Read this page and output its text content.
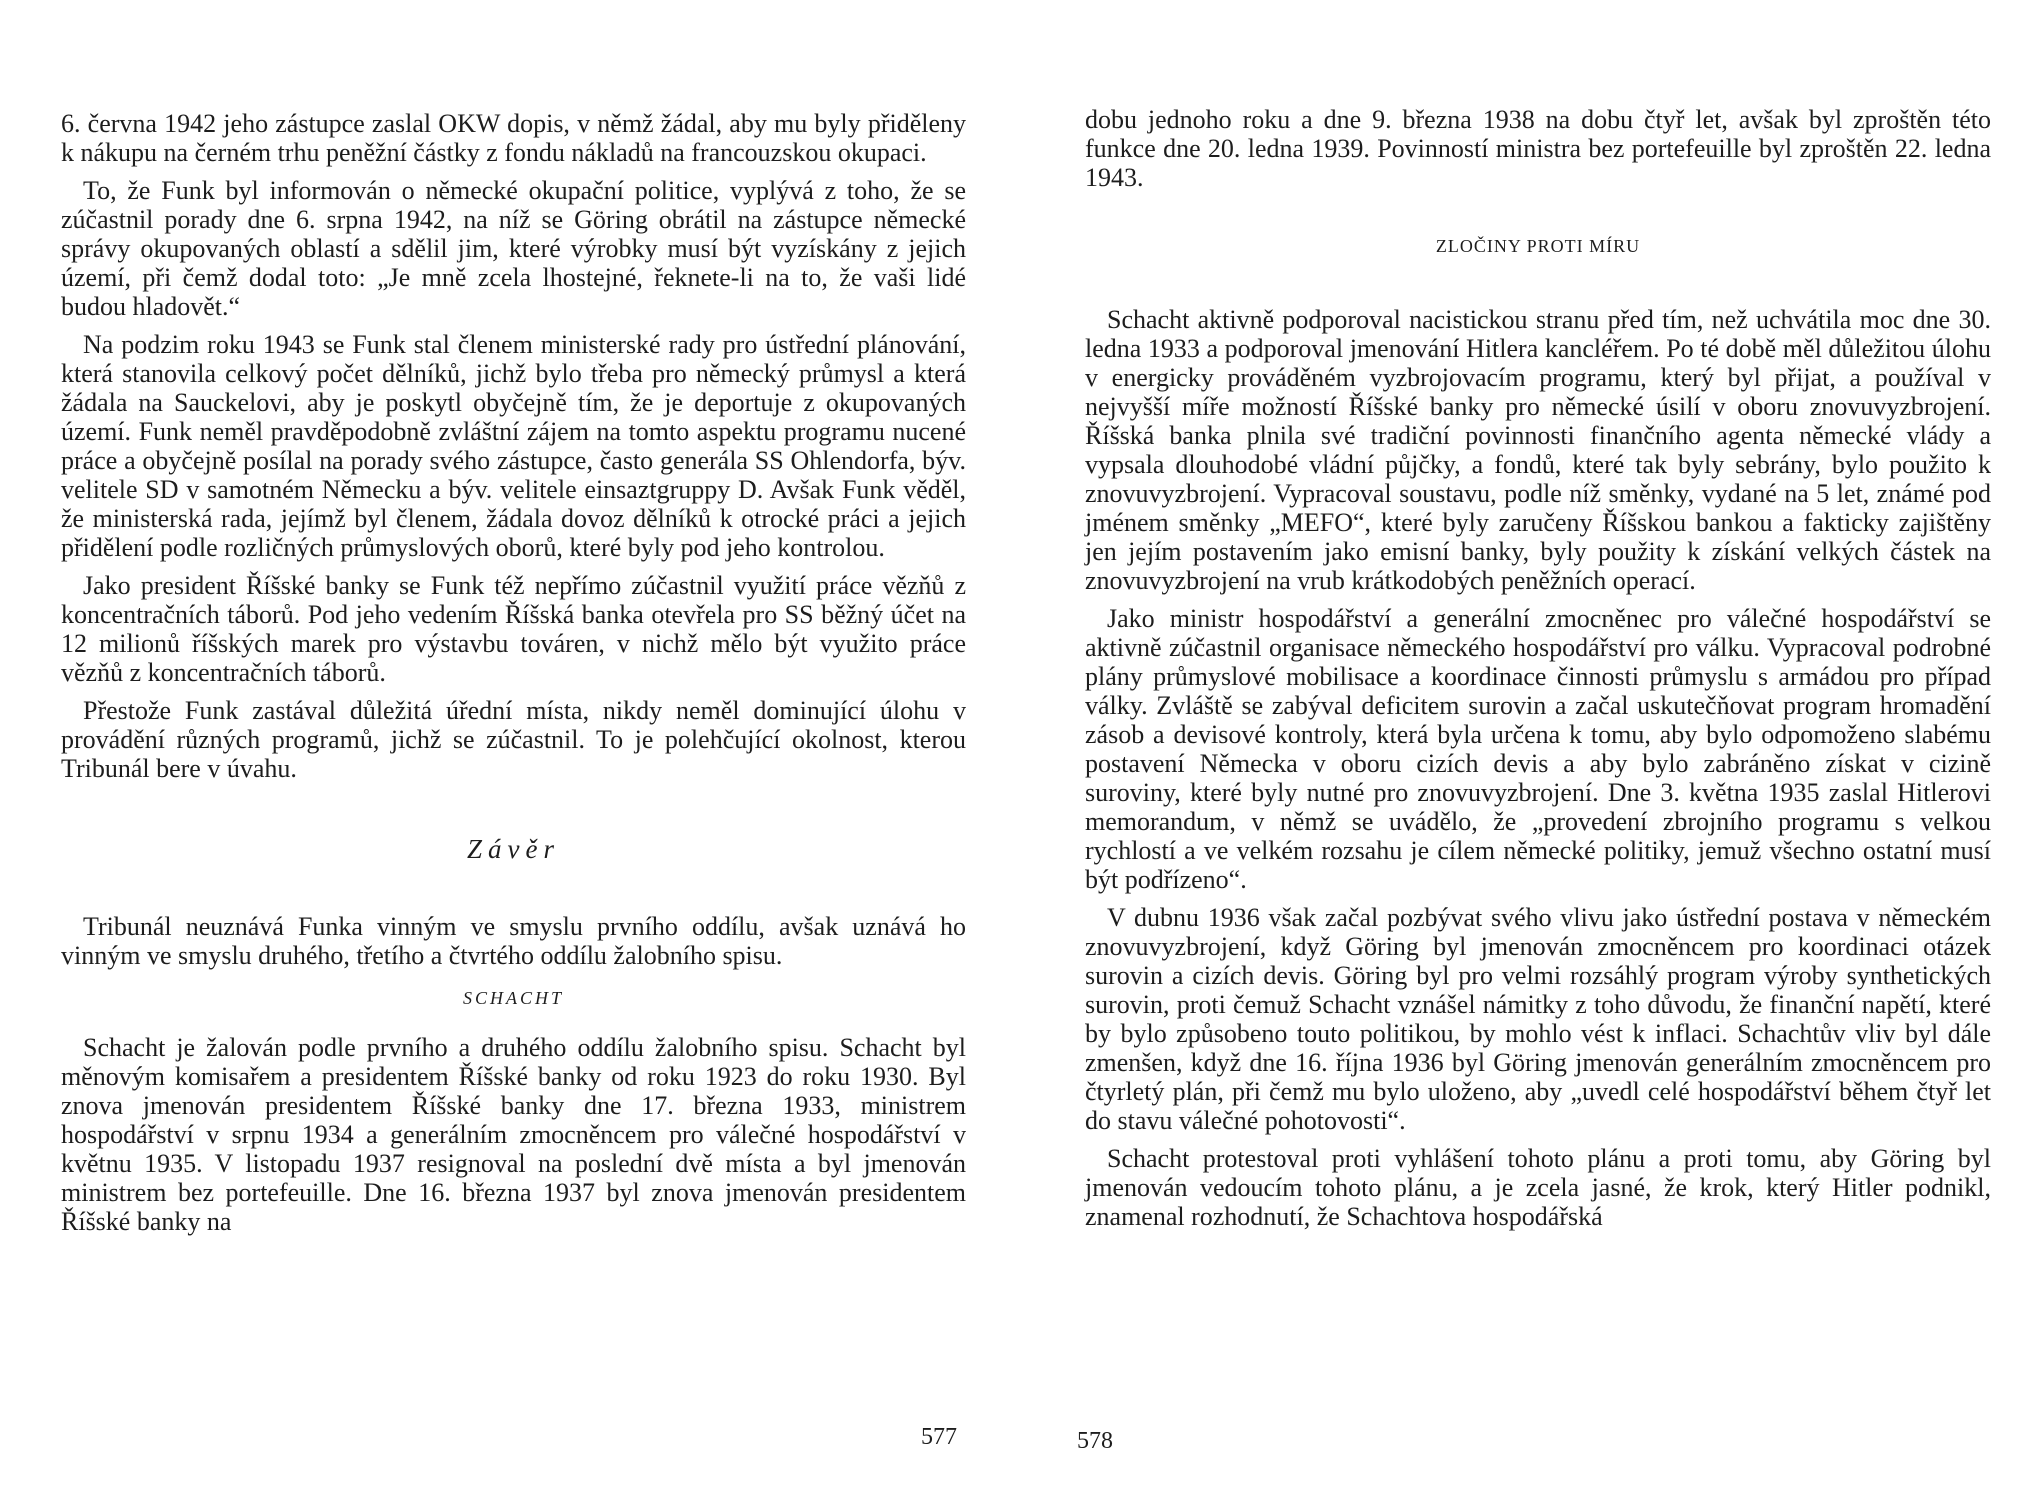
6. června 1942 jeho zástupce zaslal OKW dopis, v němž žádal, aby mu byly přiděleny k nákupu na černém trhu peněžní částky z fondu nákladů na francouzskou okupaci.

To, že Funk byl informován o německé okupační politice, vyplývá z toho, že se zúčastnil porady dne 6. srpna 1942, na níž se Göring obrátil na zástupce německé správy okupovaných oblastí a sdělil jim, které výrobky musí být vyzískány z jejich území, při čemž dodal toto: „Je mně zcela lhostejné, řeknete-li na to, že vaši lidé budou hladovět.“

Na podzim roku 1943 se Funk stal členem ministerské rady pro ústřední plánování, která stanovila celkový počet dělníků, jichž bylo třeba pro německý průmysl a která žádala na Sauckelovi, aby je poskytl obyčejně tím, že je deportuje z okupovaných území. Funk neměl pravděpodobně zvláštní zájem na tomto aspektu programu nucené práce a obyčejně posílal na porady svého zástupce, často generála SS Ohlendorfa, býv. velitele SD v samotném Německu a býv. velitele einsaztgruppy D. Avšak Funk věděl, že ministerská rada, jejímž byl členem, žádala dovoz dělníků k otrocké práci a jejich přidělení podle rozličných průmyslových oborů, které byly pod jeho kontrolou.

Jako president Říšské banky se Funk též nepřímo zúčastnil využití práce vězňů z koncentračních táborů. Pod jeho vedením Říšská banka otevřela pro SS běžný účet na 12 milionů říšských marek pro výstavbu továren, v nichž mělo být využito práce vězňů z koncentračních táborů.

Přestože Funk zastával důležitá úřední místa, nikdy neměl dominující úlohu v provádění různých programů, jichž se zúčastnil. To je polehčující okolnost, kterou Tribunál bere v úvahu.

Závěr

Tribunál neuznává Funka vinným ve smyslu prvního oddílu, avšak uznává ho vinným ve smyslu druhého, třetího a čtvrtého oddílu žalobního spisu.

SCHACHT

Schacht je žalován podle prvního a druhého oddílu žalobního spisu. Schacht byl měnovým komisařem a presidentem Říšské banky od roku 1923 do roku 1930. Byl znova jmenován presidentem Říšské banky dne 17. března 1933, ministrem hospodářství v srpnu 1934 a generálním zmocněncem pro válečné hospodářství v květnu 1935. V listopadu 1937 resignoval na poslední dvě místa a byl jmenován ministrem bez portefeuille. Dne 16. března 1937 byl znova jmenován presidentem Říšské banky na

577

dobu jednoho roku a dne 9. března 1938 na dobu čtyř let, avšak byl zproštěn této funkce dne 20. ledna 1939. Povinností ministra bez portefeuille byl zproštěn 22. ledna 1943.

ZLOČINY PROTI MÍRU

Schacht aktivně podporoval nacistickou stranu před tím, než uchvátila moc dne 30. ledna 1933 a podporoval jmenování Hitlera kancléřem. Po té době měl důležitou úlohu v energicky prováděném vyzbrojovacím programu, který byl přijat, a používal v nejvyšší míře možností Říšské banky pro německé úsilí v oboru znovuvyzbrojení. Říšská banka plnila své tradiční povinnosti finančního agenta německé vlády a vypsala dlouhodobé vládní půjčky, a fondů, které tak byly sebrány, bylo použito k znovuvyzbrojení. Vypracoval soustavu, podle níž směnky, vydané na 5 let, známé pod jménem směnky „MEFO“, které byly zaručeny Říšskou bankou a fakticky zajištěny jen jejím postavením jako emisní banky, byly použity k získání velkých částek na znovuvyzbrojení na vrub krátkodobých peněžních operací.

Jako ministr hospodářství a generální zmocněnec pro válečné hospodářství se aktivně zúčastnil organisace německého hospodářství pro válku. Vypracoval podrobné plány průmyslové mobilisace a koordinace činnosti průmyslu s armádou pro případ války. Zvláště se zabýval deficitem surovin a začal uskutečňovat program hromadění zásob a devisové kontroly, která byla určena k tomu, aby bylo odpomoženo slabému postavení Německa v oboru cizích devis a aby bylo zabráněno získat v cizině suroviny, které byly nutné pro znovuvyzbrojení. Dne 3. května 1935 zaslal Hitlerovi memorandum, v němž se uvádělo, že „provedení zbrojního programu s velkou rychlostí a ve velkém rozsahu je cílem německé politiky, jemuž všechno ostatní musí být podřízeno“.

V dubnu 1936 však začal pozbývat svého vlivu jako ústřední postava v německém znovuvyzbrojení, když Göring byl jmenován zmocněncem pro koordinaci otázek surovin a cizích devis. Göring byl pro velmi rozsáhlý program výroby synthetických surovin, proti čemuž Schacht vznášel námitky z toho důvodu, že finanční napětí, které by bylo způsobeno touto politikou, by mohlo vést k inflaci. Schachtův vliv byl dále zmenšen, když dne 16. října 1936 byl Göring jmenován generálním zmocněncem pro čtyrletý plán, při čemž mu bylo uloženo, aby „uvedl celé hospodářství během čtyř let do stavu válečné pohotovosti“.

Schacht protestoval proti vyhlášení tohoto plánu a proti tomu, aby Göring byl jmenován vedoucím tohoto plánu, a je zcela jasné, že krok, který Hitler podnikl, znamenal rozhodnutí, že Schachtova hospodářská

578
